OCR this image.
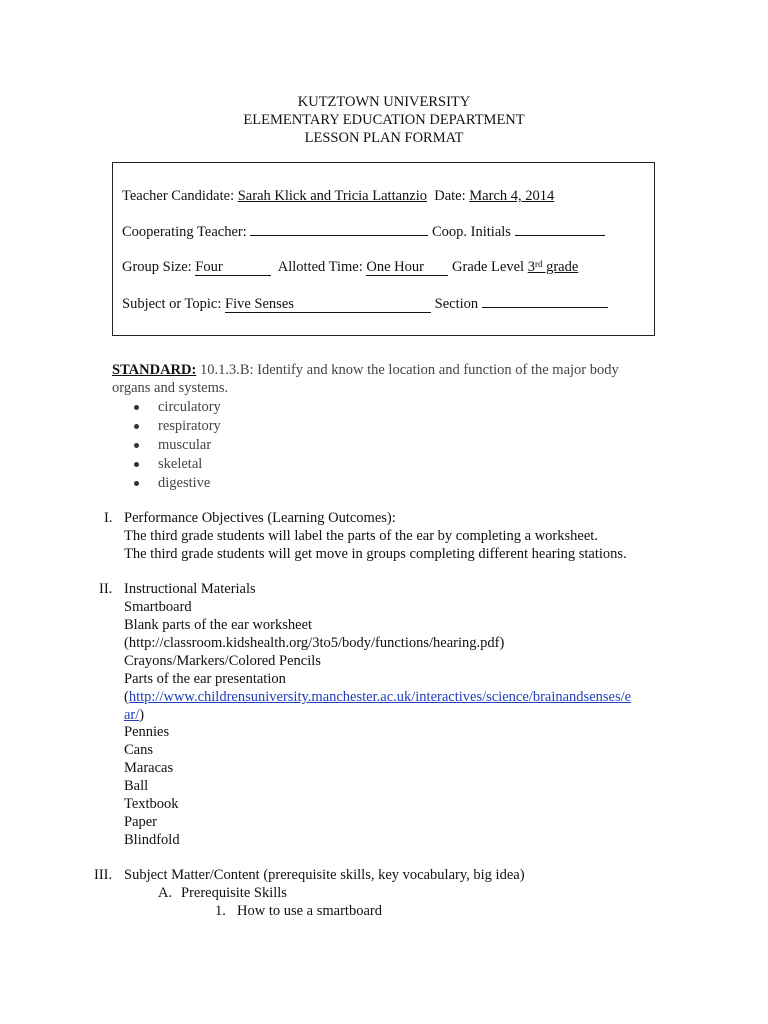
KUTZTOWN UNIVERSITY
ELEMENTARY EDUCATION DEPARTMENT
LESSON PLAN FORMAT
Teacher Candidate: Sarah Klick and Tricia Lattanzio Date: March 4, 2014
Cooperating Teacher:	Coop. Initials
Group Size: Four	Allotted Time: One Hour Grade Level 3rd grade
Subject or Topic: Five Senses	Section
STANDARD: 10.1.3.B: Identify and know the location and function of the major body
organs and systems.
circulatory
respiratory
muscular
skeletal
digestive
I. Performance Objectives (Learning Outcomes):
The third grade students will label the parts of the ear by completing a worksheet.
The third grade students will get move in groups completing different hearing stations.
II. Instructional Materials
Smartboard
Blank parts of the ear worksheet
(http://classroom.kidshealth.org/3to5/body/functions/hearing.pdf)
Crayons/Markers/Colored Pencils
Parts of the ear presentation
(http://www.childrensuniversity.manchester.ac.uk/interactives/science/brainandsenses/e
ar/)
Pennies
Cans
Maracas
Ball
Textbook
Paper
Blindfold
III. Subject Matter/Content (prerequisite skills, key vocabulary, big idea)
A. Prerequisite Skills
1. How to use a smartboard
